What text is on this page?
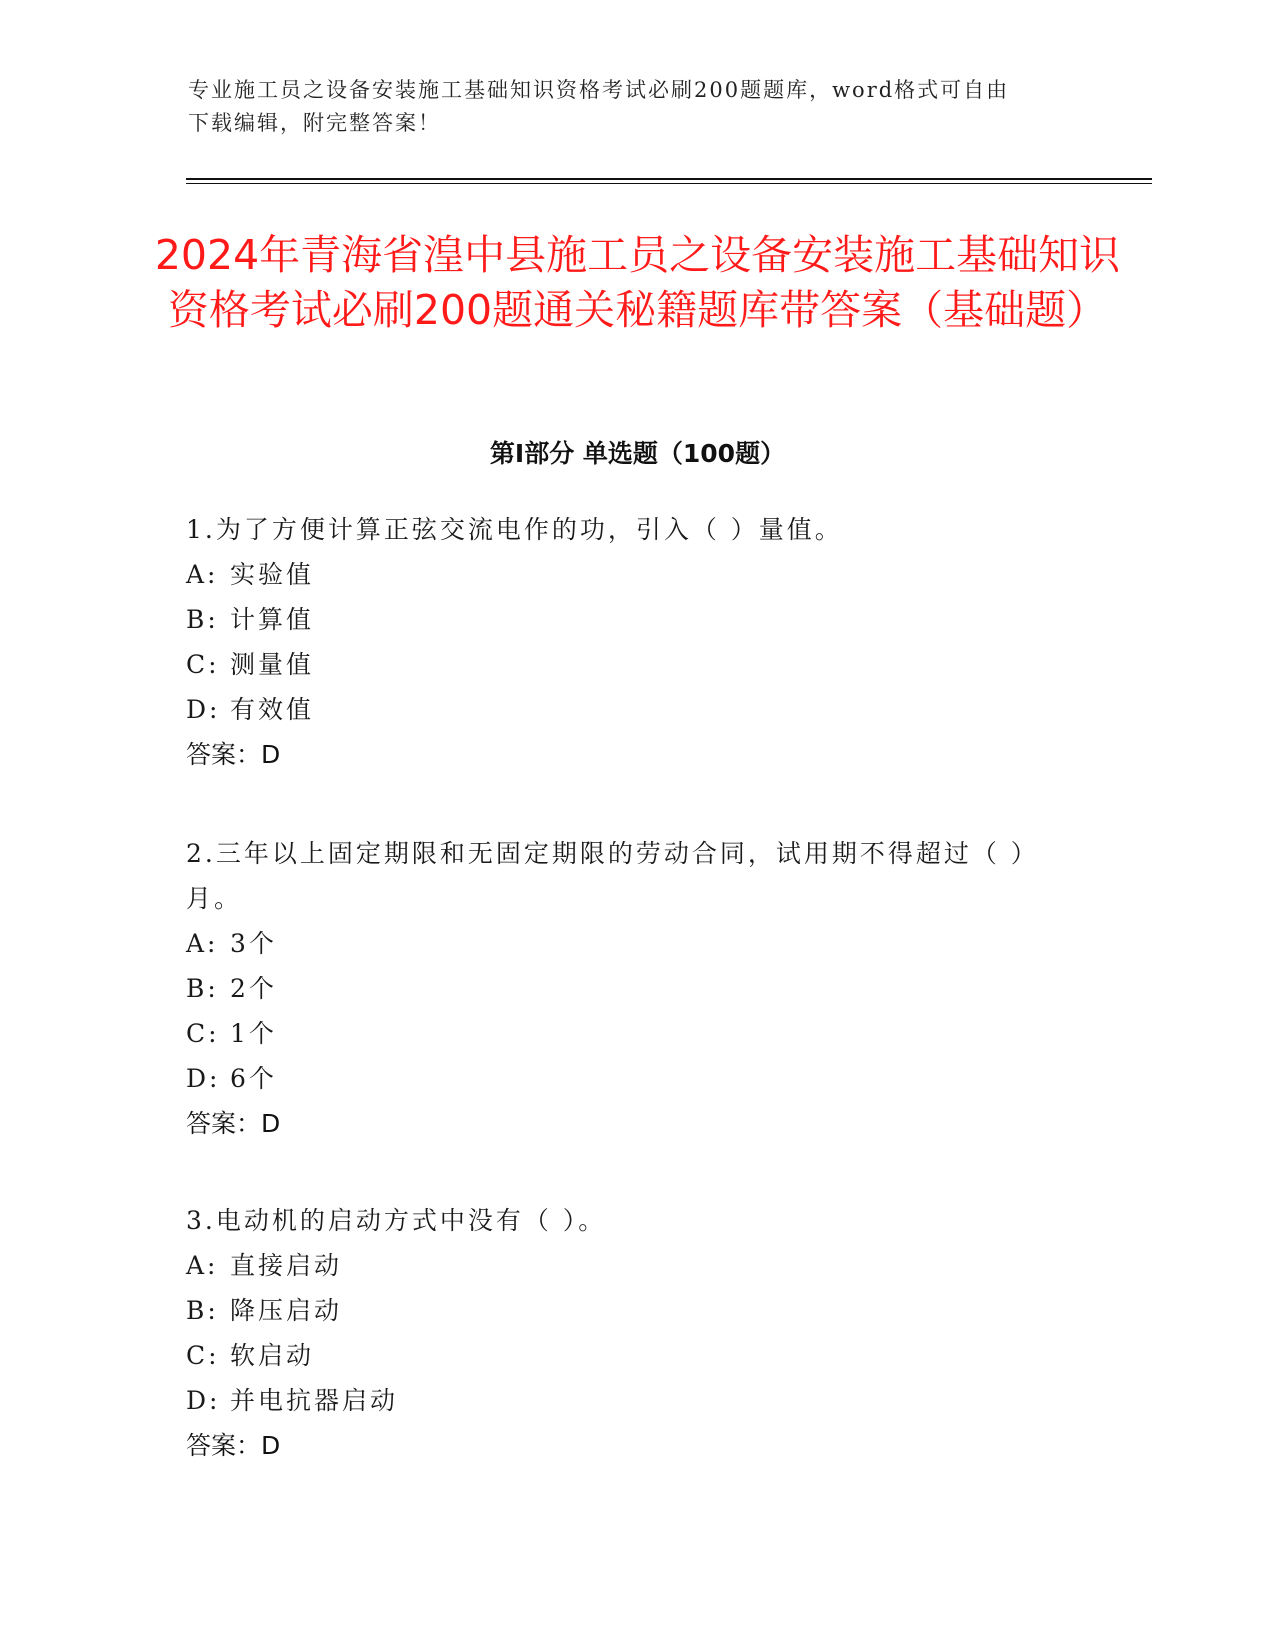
专业施工员之设备安装施工基础知识资格考试必刷200题题库，word格式可自由
下载编辑，附完整答案！
2024年青海省湟中县施工员之设备安装施工基础知识资格考试必刷200题通关秘籍题库带答案（基础题）
第Ⅰ部分 单选题（100题）

1.为了方便计算正弦交流电作的功，引入（ ）量值。

A: 实验值
B: 计算值
C: 测量值
D: 有效值
答案：D

2.三年以上固定期限和无固定期限的劳动合同，试用期不得超过（ ）月。

A: 3个
B: 2个
C: 1个
D: 6个
答案：D

3.电动机的启动方式中没有（ ）。

A: 直接启动
B: 降压启动
C: 软启动
D: 并电抗器启动
答案：D
